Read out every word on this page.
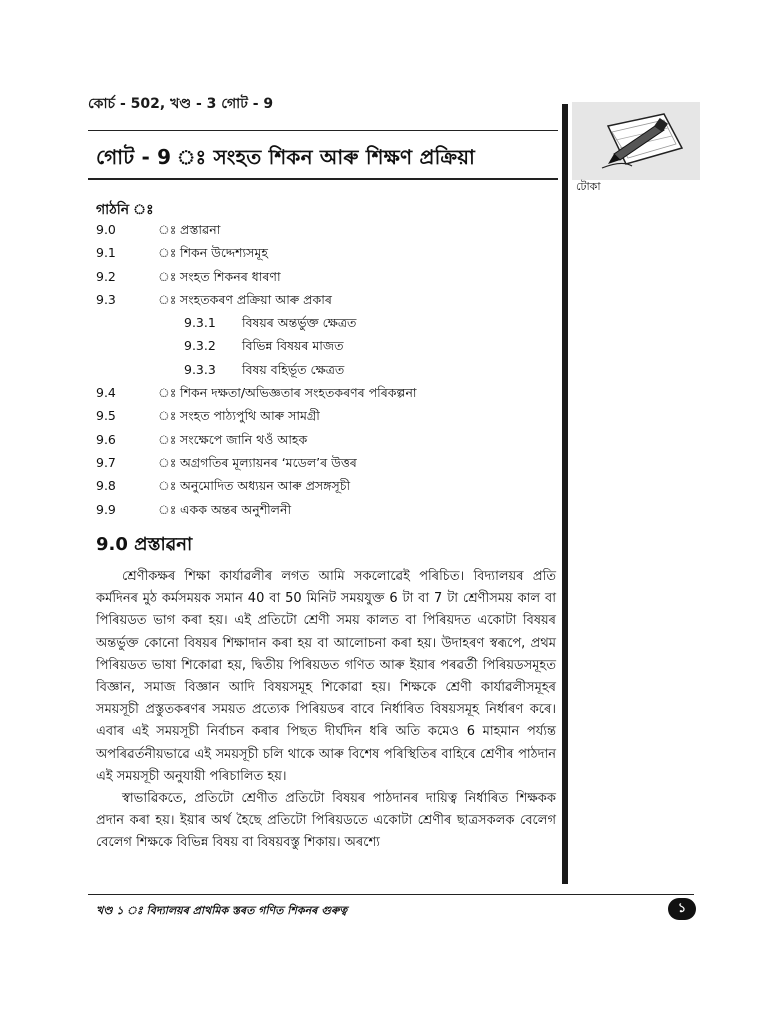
কোৰ্চ - 502, খণ্ড - 3 গোট - 9
গোট - 9 ঃ সংহত শিকন আৰু শিক্ষণ প্ৰক্ৰিয়া
টোকা
গাঠনি ঃ
9.0	ঃ প্ৰস্তাৱনা
9.1	ঃ শিকন উদ্দেশ্যসমূহ
9.2	ঃ সংহত শিকনৰ ধাৰণা
9.3	ঃ সংহতকৰণ প্ৰক্ৰিয়া আৰু প্ৰকাৰ
9.3.1 বিষয়ৰ অন্তৰ্ভুক্ত ক্ষেত্ৰত
9.3.2 বিভিন্ন বিষয়ৰ মাজত
9.3.3 বিষয় বহিৰ্ভূত ক্ষেত্ৰত
9.4	ঃ শিকন দক্ষতা/অভিজ্ঞতাৰ সংহতকৰণৰ পৰিকল্পনা
9.5	ঃ সংহত পাঠ্যপুথি আৰু সামগ্ৰী
9.6	ঃ সংক্ষেপে জানি থওঁ আহক
9.7	ঃ অগ্ৰগতিৰ মূল্যায়নৰ ‘মডেল’ৰ উত্তৰ
9.8	ঃ অনুমোদিত অধ্যয়ন আৰু প্ৰসঙ্গসূচী
9.9	ঃ একক অন্তৰ অনুশীলনী
9.0 প্ৰস্তাৱনা

শ্ৰেণীকক্ষৰ শিক্ষা কাৰ্যাৱলীৰ লগত আমি সকলোৱেই পৰিচিত। বিদ্যালয়ৰ প্ৰতি কৰ্মদিনৰ মুঠ কৰ্মসময়ক সমান 40 বা 50 মিনিট সময়যুক্ত 6 টা বা 7 টা শ্ৰেণীসময় কাল বা পিৰিয়ডত ভাগ কৰা হয়। এই প্ৰতিটো শ্ৰেণী সময় কালত বা পিৰিয়দত একোটা বিষয়ৰ অন্তৰ্ভুক্ত কোনো বিষয়ৰ শিক্ষাদান কৰা হয় বা আলোচনা কৰা হয়। উদাহৰণ স্বৰূপে, প্ৰথম পিৰিয়ডত ভাষা শিকোৱা হয়, দ্বিতীয় পিৰিয়ডত গণিত আৰু ইয়াৰ পৰৱৰ্তী পিৰিয়ডসমূহত বিজ্ঞান, সমাজ বিজ্ঞান আদি বিষয়সমূহ শিকোৱা হয়। শিক্ষকে শ্ৰেণী কাৰ্যাৱলীসমূহৰ সময়সূচী প্ৰস্তুতকৰণৰ সময়ত প্ৰত্যেক পিৰিয়ডৰ বাবে নিৰ্ধাৰিত বিষয়সমূহ নিৰ্ধাৰণ কৰে। এবাৰ এই সময়সূচী নিৰ্বাচন কৰাৰ পিছত দীৰ্ঘদিন ধৰি অতি কমেও 6 মাহমান পৰ্য্যন্ত অপৰিৱৰ্তনীয়ভাৱে এই সময়সূচী চলি থাকে আৰু বিশেষ পৰিস্থিতিৰ বাহিৰে শ্ৰেণীৰ পাঠদান এই সময়সূচী অনুযায়ী পৰিচালিত হয়।

স্বাভাৱিকতে, প্ৰতিটো শ্ৰেণীত প্ৰতিটো বিষয়ৰ পাঠদানৰ দায়িত্ব নিৰ্ধাৰিত শিক্ষকক প্ৰদান কৰা হয়। ইয়াৰ অৰ্থ হৈছে প্ৰতিটো পিৰিয়ডতে একোটা শ্ৰেণীৰ ছাত্ৰসকলক বেলেগ বেলেগ শিক্ষকে বিভিন্ন বিষয় বা বিষয়বস্তু শিকায়। অৰশ্যে

খণ্ড ১ ঃ বিদ্যালয়ৰ প্ৰাথমিক স্তৰত গণিত শিকনৰ গুৰুত্ব	১
